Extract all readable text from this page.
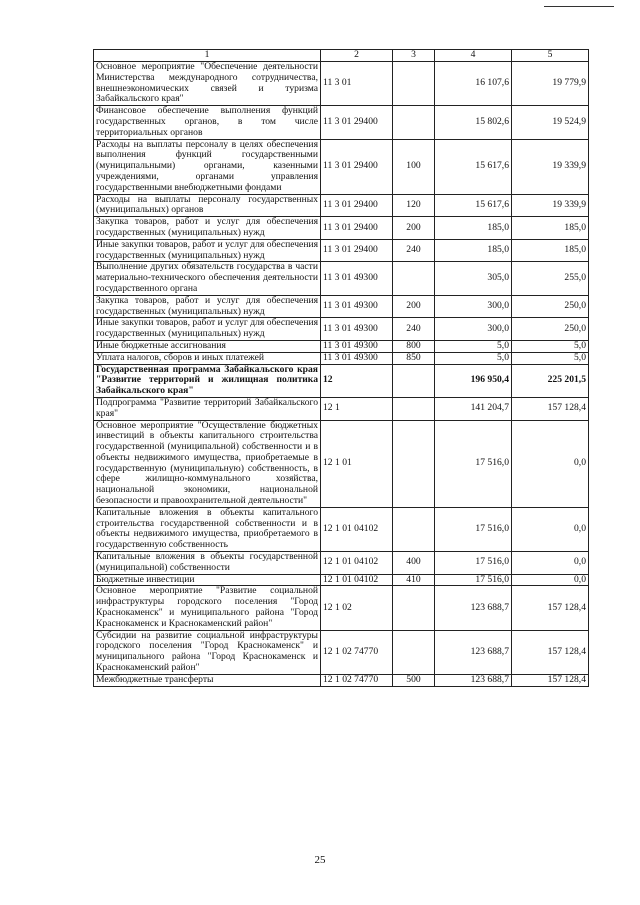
1	2	3	4	5
Основное мероприятие "Обеспечение деятельности Министерства международного сотрудничества, внешнеэкономических связей и туризма Забайкальского края"	11 3 01		16 107,6	19 779,9
Финансовое обеспечение выполнения функций государственных органов, в том числе территориальных органов	11 3 01 29400		15 802,6	19 524,9
Расходы на выплаты персоналу в целях обеспечения выполнения функций государственными (муниципальными) органами, казенными учреждениями, органами управления государственными внебюджетными фондами	11 3 01 29400	100	15 617,6	19 339,9
Расходы на выплаты персоналу государственных (муниципальных) органов	11 3 01 29400	120	15 617,6	19 339,9
Закупка товаров, работ и услуг для обеспечения государственных (муниципальных) нужд	11 3 01 29400	200	185,0	185,0
Иные закупки товаров, работ и услуг для обеспечения государственных (муниципальных) нужд	11 3 01 29400	240	185,0	185,0
Выполнение других обязательств государства в части материально-технического обеспечения деятельности государственного органа	11 3 01 49300		305,0	255,0
Закупка товаров, работ и услуг для обеспечения государственных (муниципальных) нужд	11 3 01 49300	200	300,0	250,0
Иные закупки товаров, работ и услуг для обеспечения государственных (муниципальных) нужд	11 3 01 49300	240	300,0	250,0
Иные бюджетные ассигнования	11 3 01 49300	800	5,0	5,0
Уплата налогов, сборов и иных платежей	11 3 01 49300	850	5,0	5,0
Государственная программа Забайкальского края "Развитие территорий и жилищная политика Забайкальского края"	12		196 950,4	225 201,5
Подпрограмма "Развитие территорий Забайкальского края"	12 1		141 204,7	157 128,4
Основное мероприятие "Осуществление бюджетных инвестиций в объекты капитального строительства государственной (муниципальной) собственности и в объекты недвижимого имущества, приобретаемые в государственную (муниципальную) собственность, в сфере жилищно-коммунального хозяйства, национальной экономики, национальной безопасности и правоохранительной деятельности"	12 1 01		17 516,0	0,0
Капитальные вложения в объекты капитального строительства государственной собственности и в объекты недвижимого имущества, приобретаемого в государственную собственность	12 1 01 04102		17 516,0	0,0
Капитальные вложения в объекты государственной (муниципальной) собственности	12 1 01 04102	400	17 516,0	0,0
Бюджетные инвестиции	12 1 01 04102	410	17 516,0	0,0
Основное мероприятие "Развитие социальной инфраструктуры городского поселения "Город Краснокаменск" и муниципального района "Город Краснокаменск и Краснокаменский район"	12 1 02		123 688,7	157 128,4
Субсидии на развитие социальной инфраструктуры городского поселения "Город Краснокаменск" и муниципального района "Город Краснокаменск и Краснокаменский район"	12 1 02 74770		123 688,7	157 128,4
Межбюджетные трансферты	12 1 02 74770	500	123 688,7	157 128,4
25
